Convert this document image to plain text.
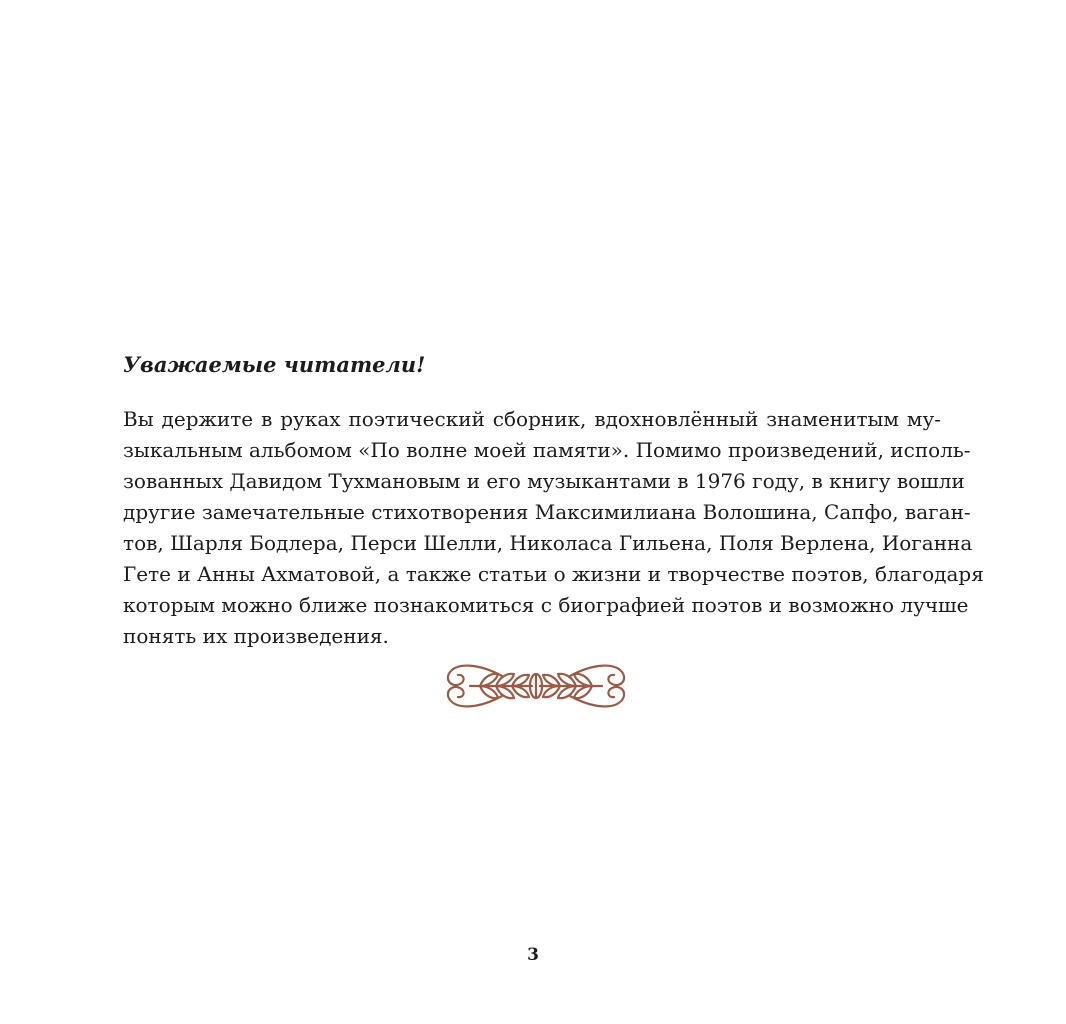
Уважаемые читатели!
Вы держите в руках поэтический сборник, вдохновлённый знаменитым му-
зыкальным альбомом «По волне моей памяти». Помимо произведений, исполь-
зованных Давидом Тухмановым и его музыкантами в 1976 году, в книгу вошли
другие замечательные стихотворения Максимилиана Волошина, Сапфо, ваган-
тов, Шарля Бодлера, Перси Шелли, Николаса Гильена, Поля Верлена, Иоганна
Гете и Анны Ахматовой, а также статьи о жизни и творчестве поэтов, благодаря
которым можно ближе познакомиться с биографией поэтов и возможно лучше
понять их произведения.
3
